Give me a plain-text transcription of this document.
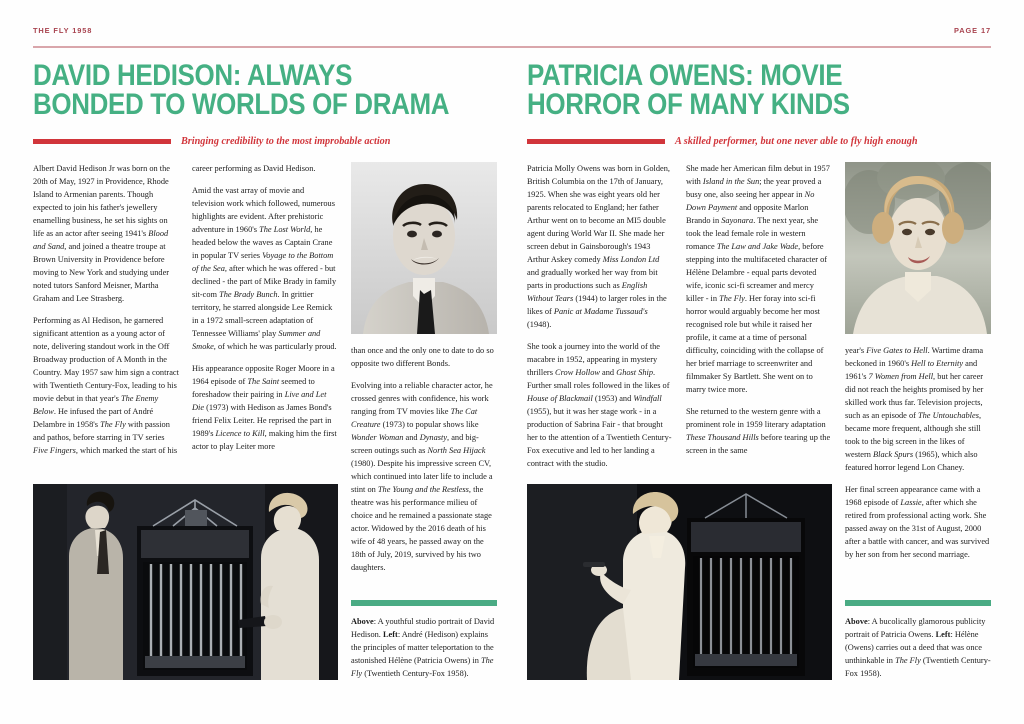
THE FLY 1958	PAGE 17
DAVID HEDISON: ALWAYS
BONDED TO WORLDS OF DRAMA
Bringing credibility to the most improbable action

Albert David Hedison Jr was born on the 20th of May, 1927 in Providence, Rhode Island to Armenian parents. Though expected to join his father's jewellery enamelling business, he set his sights on life as an actor after seeing 1941's Blood and Sand, and joined a theatre troupe at Brown University in Providence before moving to New York and studying under noted tutors Sanford Meisner, Martha Graham and Lee Strasberg.

Performing as Al Hedison, he garnered significant attention as a young actor of note, delivering standout work in the Off Broadway production of A Month in the Country. May 1957 saw him sign a contract with Twentieth Century-Fox, leading to his movie debut in that year's The Enemy Below. He infused the part of André Delambre in 1958's The Fly with passion and pathos, before starring in TV series Five Fingers, which marked the start of his

career performing as David Hedison.

Amid the vast array of movie and television work which followed, numerous highlights are evident. After prehistoric adventure in 1960's The Lost World, he headed below the waves as Captain Crane in popular TV series Voyage to the Bottom of the Sea, after which he was offered - but declined - the part of Mike Brady in family sit-com The Brady Bunch. In grittier territory, he starred alongside Lee Remick in a 1972 small-screen adaptation of Tennessee Williams' play Summer and Smoke, of which he was particularly proud.

His appearance opposite Roger Moore in a 1964 episode of The Saint seemed to foreshadow their pairing in Live and Let Die (1973) with Hedison as James Bond's friend Felix Leiter. He reprised the part in 1989's Licence to Kill, making him the first actor to play Leiter more

than once and the only one to date to do so opposite two different Bonds.

Evolving into a reliable character actor, he crossed genres with confidence, his work ranging from TV movies like The Cat Creature (1973) to popular shows like Wonder Woman and Dynasty, and big-screen outings such as North Sea Hijack (1980). Despite his impressive screen CV, which continued into later life to include a stint on The Young and the Restless, the theatre was his performance milieu of choice and he remained a passionate stage actor. Widowed by the 2016 death of his wife of 48 years, he passed away on the 18th of July, 2019, survived by his two daughters.

Above: A youthful studio portrait of David Hedison. Left: André (Hedison) explains the principles of matter teleportation to the astonished Hélène (Patricia Owens) in The Fly (Twentieth Century-Fox 1958).
PATRICIA OWENS: MOVIE
HORROR OF MANY KINDS
A skilled performer, but one never able to fly high enough

Patricia Molly Owens was born in Golden, British Columbia on the 17th of January, 1925. When she was eight years old her parents relocated to England; her father Arthur went on to become an MI5 double agent during World War II. She made her screen debut in Gainsborough's 1943 Arthur Askey comedy Miss London Ltd and gradually worked her way from bit parts in productions such as English Without Tears (1944) to larger roles in the likes of Panic at Madame Tussaud's (1948).

She took a journey into the world of the macabre in 1952, appearing in mystery thrillers Crow Hollow and Ghost Ship. Further small roles followed in the likes of House of Blackmail (1953) and Windfall (1955), but it was her stage work - in a production of Sabrina Fair - that brought her to the attention of a Twentieth Century-Fox executive and led to her landing a contract with the studio.

She made her American film debut in 1957 with Island in the Sun; the year proved a busy one, also seeing her appear in No Down Payment and opposite Marlon Brando in Sayonara. The next year, she took the lead female role in western romance The Law and Jake Wade, before stepping into the multifaceted character of Hélène Delambre - equal parts devoted wife, iconic sci-fi screamer and mercy killer - in The Fly. Her foray into sci-fi horror would arguably become her most recognised role but while it raised her profile, it came at a time of personal difficulty, coinciding with the collapse of her brief marriage to screenwriter and filmmaker Sy Bartlett. She went on to marry twice more.

She returned to the western genre with a prominent role in 1959 literary adaptation These Thousand Hills before tearing up the screen in the same

year's Five Gates to Hell. Wartime drama beckoned in 1960's Hell to Eternity and 1961's 7 Women from Hell, but her career did not reach the heights promised by her skilled work thus far. Television projects, such as an episode of The Untouchables, became more frequent, although she still took to the big screen in the likes of western Black Spurs (1965), which also featured horror legend Lon Chaney.

Her final screen appearance came with a 1968 episode of Lassie, after which she retired from professional acting work. She passed away on the 31st of August, 2000 after a battle with cancer, and was survived by her son from her second marriage.

Above: A bucolically glamorous publicity portrait of Patricia Owens. Left: Hélène (Owens) carries out a deed that was once unthinkable in The Fly (Twentieth Century-Fox 1958).
